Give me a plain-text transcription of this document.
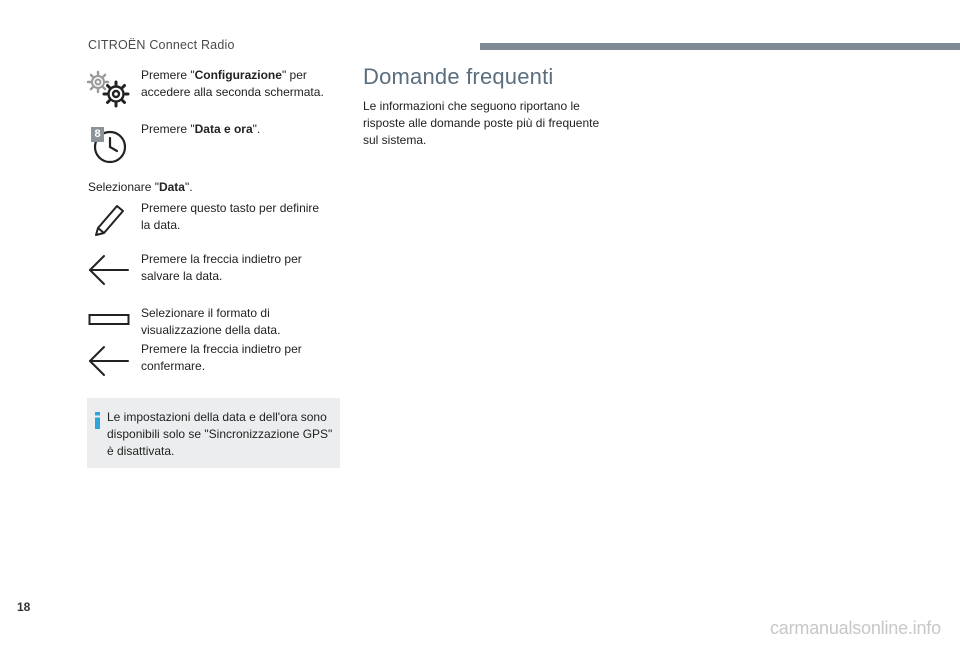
CITROËN Connect Radio
Premere "Configurazione" per accedere alla seconda schermata.
8	Premere "Data e ora".
Selezionare "Data".
Premere questo tasto per definire la data.
Premere la freccia indietro per salvare la data.
Selezionare il formato di visualizzazione della data.
Premere la freccia indietro per confermare.
Le impostazioni della data e dell'ora sono disponibili solo se "Sincronizzazione GPS" è disattivata.
Domande frequenti
Le informazioni che seguono riportano le risposte alle domande poste più di frequente sul sistema.
18
carmanualsonline.info
